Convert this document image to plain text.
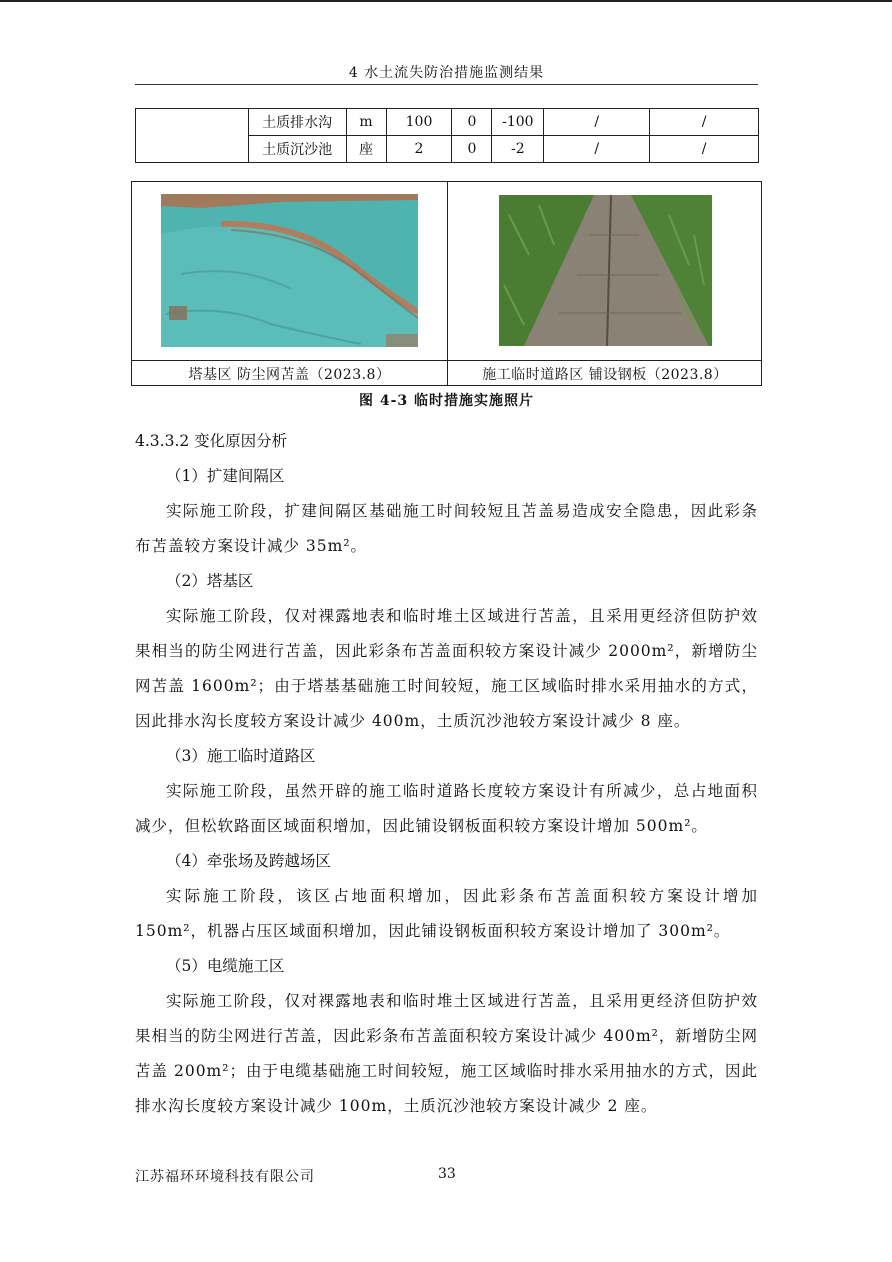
4 水土流失防治措施监测结果
	土质排水沟	m	100	0	-100	/	/
	土质沉沙池	座	2	0	-2	/	/
塔基区 防尘网苫盖（2023.8）	施工临时道路区 铺设钢板（2023.8）
图 4-3 临时措施实施照片

4.3.3.2 变化原因分析

（1）扩建间隔区

实际施工阶段，扩建间隔区基础施工时间较短且苫盖易造成安全隐患，因此彩条布苫盖较方案设计减少 35m²。

（2）塔基区

实际施工阶段，仅对裸露地表和临时堆土区域进行苫盖，且采用更经济但防护效果相当的防尘网进行苫盖，因此彩条布苫盖面积较方案设计减少 2000m²，新增防尘网苫盖 1600m²；由于塔基基础施工时间较短，施工区域临时排水采用抽水的方式，因此排水沟长度较方案设计减少 400m，土质沉沙池较方案设计减少 8 座。

（3）施工临时道路区

实际施工阶段，虽然开辟的施工临时道路长度较方案设计有所减少，总占地面积减少，但松软路面区域面积增加，因此铺设钢板面积较方案设计增加 500m²。

（4）牵张场及跨越场区

实际施工阶段，该区占地面积增加，因此彩条布苫盖面积较方案设计增加 150m²，机器占压区域面积增加，因此铺设钢板面积较方案设计增加了 300m²。

（5）电缆施工区

实际施工阶段，仅对裸露地表和临时堆土区域进行苫盖，且采用更经济但防护效果相当的防尘网进行苫盖，因此彩条布苫盖面积较方案设计减少 400m²，新增防尘网苫盖 200m²；由于电缆基础施工时间较短，施工区域临时排水采用抽水的方式，因此排水沟长度较方案设计减少 100m，土质沉沙池较方案设计减少 2 座。

江苏福环环境科技有限公司	33
